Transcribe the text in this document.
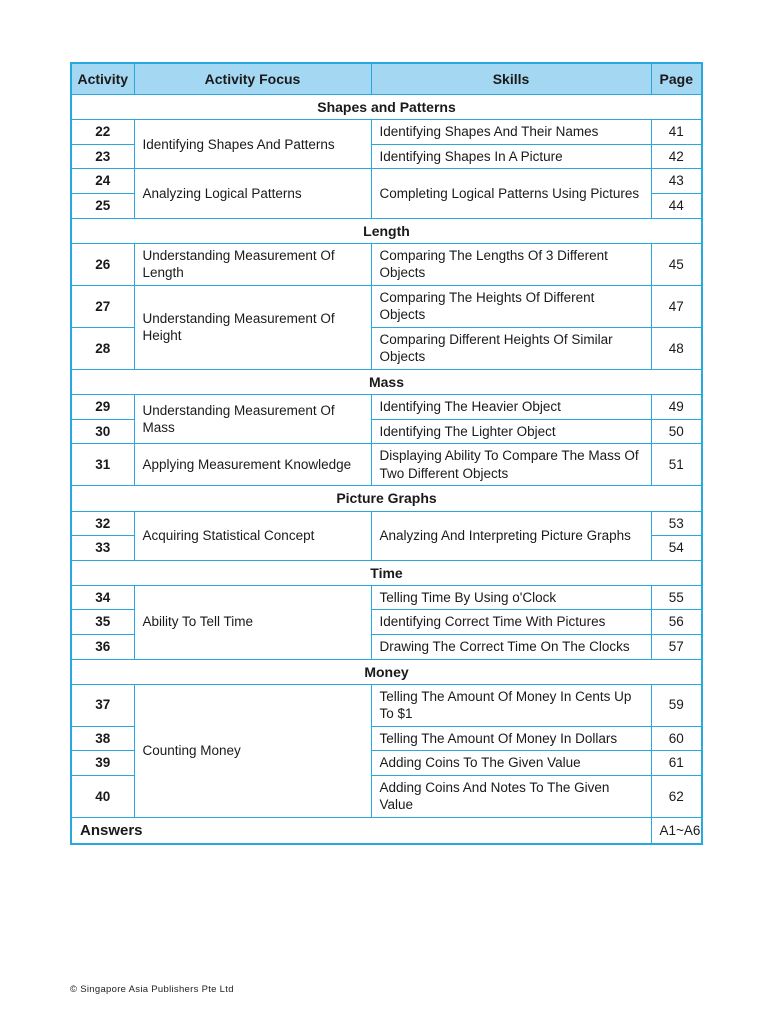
Activity	Activity Focus	Skills	Page
Shapes and Patterns			
22	Identifying Shapes And Patterns	Identifying Shapes And Their Names	41
23		Identifying Shapes In A Picture	42
24	Analyzing Logical Patterns	Completing Logical Patterns Using Pictures	43
25			44
Length			
26	Understanding Measurement Of Length	Comparing The Lengths Of 3 Different Objects	45
27	Understanding Measurement Of Height	Comparing The Heights Of Different Objects	47
28		Comparing Different Heights Of Similar Objects	48
Mass			
29	Understanding Measurement Of Mass	Identifying The Heavier Object	49
30		Identifying The Lighter Object	50
31	Applying Measurement Knowledge	Displaying Ability To Compare The Mass Of Two Different Objects	51
Picture Graphs			
32	Acquiring Statistical Concept	Analyzing And Interpreting Picture Graphs	53
33			54
Time			
34	Ability To Tell Time	Telling Time By Using o'Clock	55
35		Identifying Correct Time With Pictures	56
36		Drawing The Correct Time On The Clocks	57
Money			
37	Counting Money	Telling The Amount Of Money In Cents Up To $1	59
38		Telling The Amount Of Money In Dollars	60
39		Adding Coins To The Given Value	61
40		Adding Coins And Notes To The Given Value	62
Answers			A1~A6
© Singapore Asia Publishers Pte Ltd
